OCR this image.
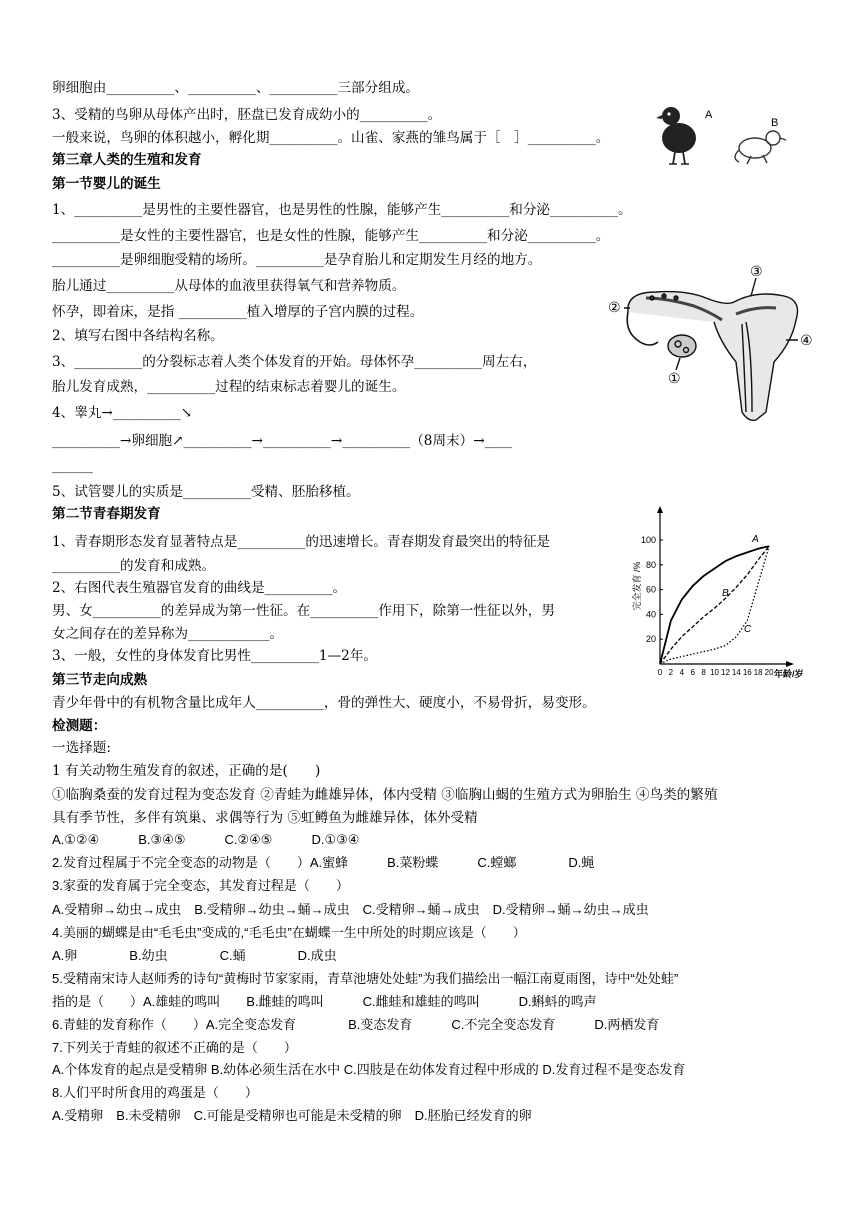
卵细胞由__________、__________、__________三部分组成。
3、受精的鸟卵从母体产出时，胚盘已发育成幼小的__________。
一般来说，鸟卵的体积越小，孵化期__________。山雀、家燕的雏鸟属于［　］__________。
第三章人类的生殖和发育
第一节婴儿的诞生
1、__________是男性的主要性器官，也是男性的性腺，能够产生__________和分泌__________。
__________是女性的主要性器官，也是女性的性腺，能够产生__________和分泌__________。
__________是卵细胞受精的场所。__________是孕育胎儿和定期发生月经的地方。
胎儿通过__________从母体的血液里获得氧气和营养物质。
怀孕，即着床，是指 __________植入增厚的子宫内膜的过程。
2、填写右图中各结构名称。
3、__________的分裂标志着人类个体发育的开始。母体怀孕__________周左右，
胎儿发育成熟，__________过程的结束标志着婴儿的诞生。
4、睾丸→__________↘
__________→卵细胞↗__________→__________→__________（8周末）→____
______
5、试管婴儿的实质是__________受精、胚胎移植。
第二节青春期发育
1、青春期形态发育显著特点是__________的迅速增长。青春期发育最突出的特征是
__________的发育和成熟。
2、右图代表生殖器官发育的曲线是__________。
男、女__________的差异成为第一性征。在__________作用下，除第一性征以外，男
女之间存在的差异称为____________。
3、一般，女性的身体发育比男性__________1—2年。
第三节走向成熟
青少年骨中的有机物含量比成年人__________，骨的弹性大、硬度小，不易骨折，易变形。
检测题：
一选择题:
1 有关动物生殖发育的叙述，正确的是(　　)
①临胸桑蚕的发育过程为变态发育 ②青蛙为雌雄异体，体内受精 ③临胸山蝎的生殖方式为卵胎生 ④鸟类的繁殖
具有季节性，多伴有筑巢、求偶等行为 ⑤虹鳟鱼为雌雄异体，体外受精
A.①②④　　　B.③④⑤　　　C.②④⑤　　　D.①③④
2.发育过程属于不完全变态的动物是（　　）A.蜜蜂　　　B.菜粉蝶　　　C.螳螂　　　　D.蝇
3.家蚕的发育属于完全变态，其发育过程是（　　）
A.受精卵→幼虫→成虫　B.受精卵→幼虫→蛹→成虫　C.受精卵→蛹→成虫　D.受精卵→蛹→幼虫→成虫
4.美丽的蝴蝶是由“毛毛虫”变成的,“毛毛虫”在蝴蝶一生中所处的时期应该是（　　）
A.卵　　　　B.幼虫　　　　C.蛹　　　　D.成虫
5.受精南宋诗人赵师秀的诗句“黄梅时节家家雨，青草池塘处处蛙”为我们描绘出一幅江南夏雨图，诗中“处处蛙”
指的是（　　）A.雄蛙的鸣叫　　B.雌蛙的鸣叫　　　C.雌蛙和雄蛙的鸣叫　　　D.蝌蚪的鸣声
6.青蛙的发育称作（　　）A.完全变态发育　　　　B.变态发育　　　C.不完全变态发育　　　D.两栖发育
7.下列关于青蛙的叙述不正确的是（　　）
A.个体发育的起点是受精卵 B.幼体必须生活在水中 C.四肢是在幼体发育过程中形成的 D.发育过程不是变态发育
8.人们平时所食用的鸡蛋是（　　）
A.受精卵　B.未受精卵　C.可能是受精卵也可能是未受精的卵　D.胚胎已经发育的卵
A
B
③
②
④
①
20
40
60
80
100
0 2 4 6 8 10 12 14 16 18 20
完全发育 /%
年龄/岁
A
B
C
